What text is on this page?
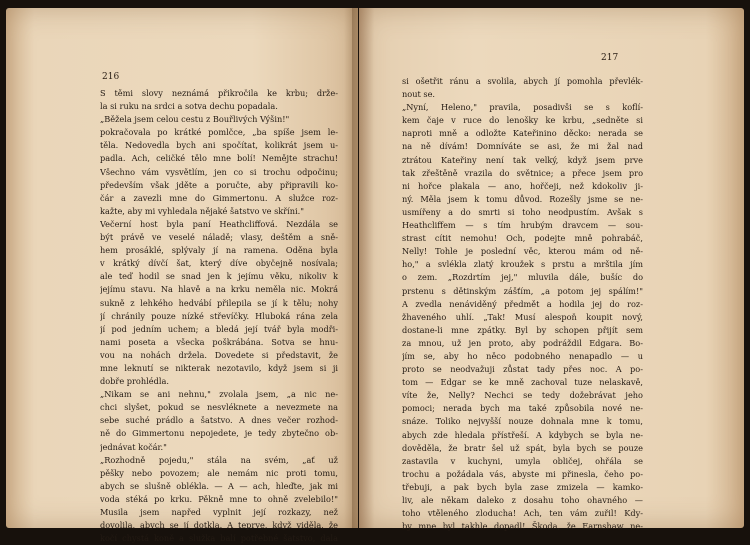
216
S těmi slovy neznámá přikročila ke krbu; drže-
la si ruku na srdci a sotva dechu popadala.
„Běžela jsem celou cestu z Bouřlivých Výšin!"
pokračovala po krátké pomlčce, „ba spíše jsem le-
těla. Nedovedla bych ani spočítat, kolikrát jsem u-
padla. Ach, celičké tělo mne bolí! Nemějte strachu!
Všechno vám vysvětlím, jen co si trochu odpočinu;
především však jděte a poručte, aby připravili ko-
čár a zavezli mne do Gimmertonu. A služce roz-
kažte, aby mi vyhledala nějaké šatstvo ve skříni."
Večerní host byla paní Heathcliffová. Nezdála se
být právě ve veselé náladě; vlasy, deštěm a sně-
hem prosáklé, splývaly jí na ramena. Oděna byla
v krátký dívčí šat, který díve obyčejně nosívala;
ale teď hodil se snad jen k jejímu věku, nikoliv k
jejímu stavu. Na hlavě a na krku neměla nic. Mokrá
sukně z lehkého hedvábí přilepila se jí k tělu; nohy
jí chránily pouze nízké střevíčky. Hluboká rána zela
jí pod jedním uchem; a bledá její tvář byla modři-
nami poseta a všecka poškrábána. Sotva se hnu-
vou na nohách držela. Dovedete si představit, že
mne leknutí se nikterak nezotavilo, když jsem si ji
dobře prohlédla.
„Nikam se ani nehnu," zvolala jsem, „a nic ne-
chci slyšet, pokud se nesvléknete a nevezmete na
sebe suché prádlo a šatstvo. A dnes večer rozhod-
ně do Gimmertonu nepojedete, je tedy zbytečno ob-
jednávat kočár."
„Rozhodně pojedu," stála na svém, „ať už
pěšky nebo povozem; ale nemám nic proti tomu,
abych se slušně oblékla. — A — ach, hleďte, jak mi
voda stéká po krku. Pěkně mne to ohně zvelebilo!"
Musila jsem napřed vyplnit její rozkazy, než
dovolila, abych se jí dotkla. A teprve, když viděla, že
kočí chystá koně a služka balí potřebné šatstvo, dala
217
si ošetřit ránu a svolila, abych jí pomohla převlék-
nout se.
„Nyní, Heleno," pravila, posadivši se s koflí-
kem čaje v ruce do lenošky ke krbu, „sedněte si
naproti mně a odložte Kateřinino děcko: nerada se
na ně dívám! Domníváte se asi, že mi žal nad
ztrátou Kateřiny není tak velký, když jsem prve
tak zřeštěně vrazila do světnice; a přece jsem pro
ni hořce plakala — ano, hořčeji, než kdokoliv ji-
ný. Měla jsem k tomu důvod. Rozešly jsme se ne-
usmířeny a do smrti si toho neodpustím. Avšak s
Heathcliffem — s tím hrubým dravcem — sou-
strast cítit nemohu! Och, podejte mně pohrabáč,
Nelly! Tohle je poslední věc, kterou mám od ně-
ho," a svlékla zlatý kroužek s prstu a mrštila jím
o zem. „Rozdrtím jej," mluvila dále, bušíc do
prstenu s dětinským zášťím, „a potom jej spálím!"
A zvedla nenáviděný předmět a hodila jej do roz-
žhaveného uhlí. „Tak! Musí alespoň koupit nový,
dostane-li mne zpátky. Byl by schopen přijít sem
za mnou, už jen proto, aby podráždil Edgara. Bo-
jím se, aby ho něco podobného nenapadlo — u
proto se neodvažuji zůstat tady přes noc. A po-
tom — Edgar se ke mně zachoval tuze nelaskavě,
víte že, Nelly? Nechci se tedy dožebrávat jeho
pomoci; nerada bych ma také způsobila nové ne-
snáze. Toliko nejvyšší nouze dohnala mne k tomu,
abych zde hledala přístřeší. A kdybych se byla ne-
dověděla, že bratr šel už spát, byla bych se pouze
zastavila v kuchyni, umyla obličej, ohřála se
trochu a požádala vás, abyste mi přinesla, čeho po-
třebuji, a pak bych byla zase zmizela — kamko-
liv, ale někam daleko z dosahu toho ohavného —
toho vtěleného zloducha! Ach, ten vám zuřil! Kdy-
by mne byl takhle dopadl! Škoda, že Earnshaw ne-
